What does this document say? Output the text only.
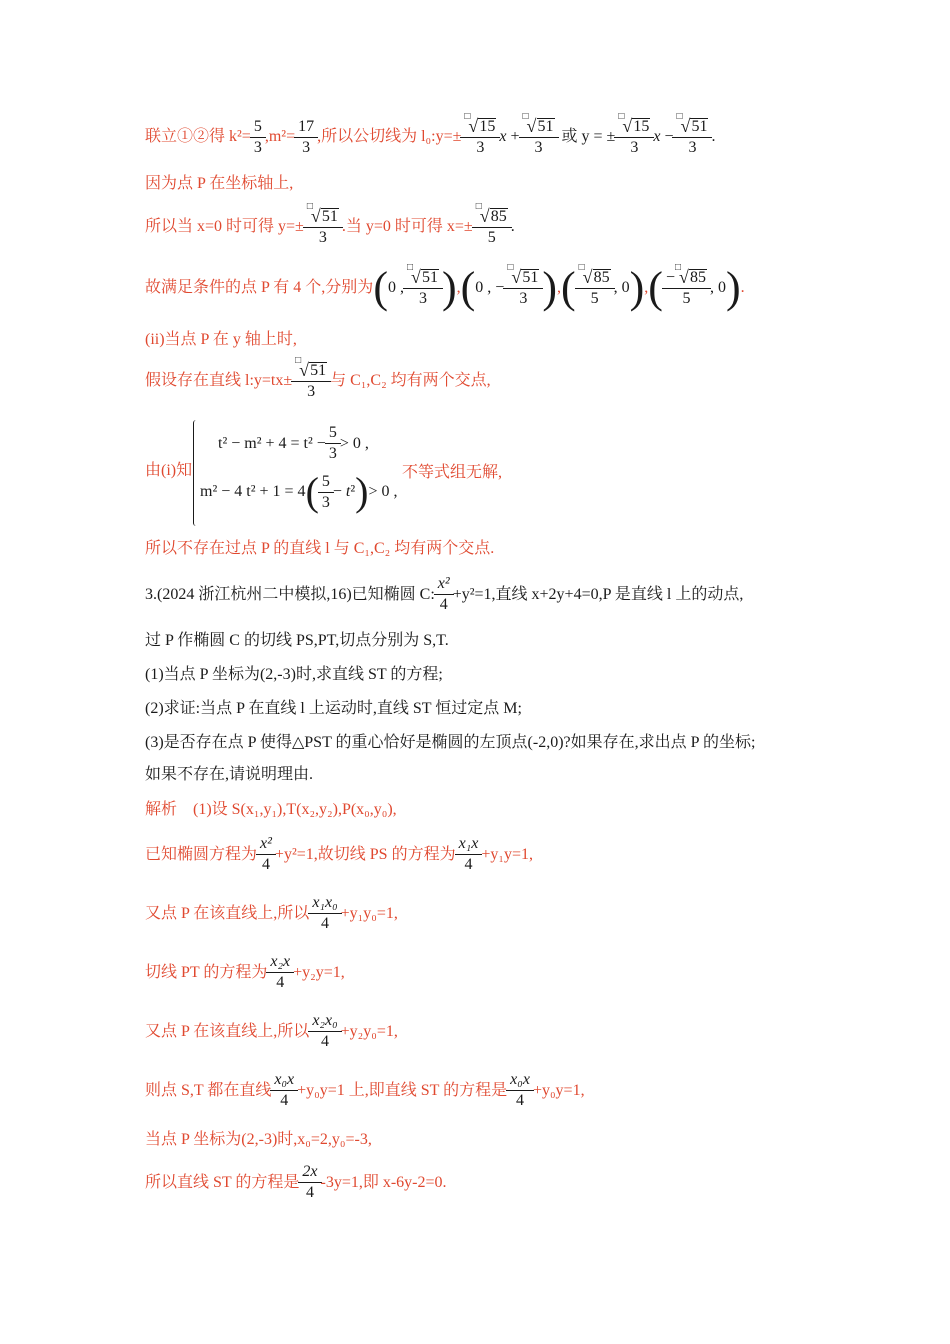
联立①②得 $k^2= \frac{5}{3} ,m^2= \frac{17}{3}$ ,所以公切线为 l₀:y=± □
√ 15
3 x + □
√ 51
3 或 y = ± □
√ 15
3 x − □
√ 51
3 .
因为点 P 在坐标轴上,
所以当 x=0 时可得 y=± □
√ 51
3 .当 y=0 时可得 x=± □
√ 85
5 .
故满足条件的点 P 有 4 个,分别为 ( 0 , □
√ 51
3 ) , ( 0 , − □
√ 51
3 ) , ( □
√ 85
5 , 0 ) , ( −
□
√ 85
5 , 0 ) .
(ii)当点 P 在 y 轴上时,
假设存在直线 l:y=tx± □
√ 51
3 与 C₁,C₂ 均有两个交点,
由(i)知
$t^2 - m^2 + 4 = t^2 - \frac{5}{3} > 0$ ,
m² − 4 t² + 1 = 4 ( $\frac{5}{3} - t^2$ ) > 0 ,
不等式组无解,
所以不存在过点 P 的直线 l 与 C₁,C₂ 均有两个交点.
3.(2024 浙江杭州二中模拟,16)已知椭圆 C: $\frac{\text{x²}}{4} +y^2=1$,直线 x+2y+4=0,P 是直线 l 上的动点,
过 P 作椭圆 C 的切线 PS,PT,切点分别为 S,T.
(1)当点 P 坐标为(2,-3)时,求直线 ST 的方程;
(2)求证:当点 P 在直线 l 上运动时,直线 ST 恒过定点 M;
(3)是否存在点 P 使得△PST 的重心恰好是椭圆的左顶点(-2,0)?如果存在,求出点 P 的坐标;
如果不存在,请说明理由.
解析　(1)设 S(x₁,y₁),T(x₂,y₂),P(x₀,y₀),
已知椭圆方程为 $\frac{\text{x²}}{4} +y^2=1$,故切线 PS 的方程为 $\frac{\text{x₁x}}{4} +y_1y=1$,
又点 P 在该直线上,所以 $\frac{\text{x₁x₀}}{4} +y_1y_0=1$,
切线 PT 的方程为 $\frac{\text{x₂x}}{4} +y_2y=1$,
又点 P 在该直线上,所以 $\frac{\text{x₂x₀}}{4} +y_2y_0=1$,
则点 S,T 都在直线 $\frac{\text{x₀x}}{4} +y_0y=1$ 上,即直线 ST 的方程是 $\frac{\text{x₀x}}{4} +y_0y=1$,
当点 P 坐标为(2,-3)时,x₀=2,y₀=-3,
所以直线 ST 的方程是 $\frac{2x}{4} -3y=1$,即 x-6y-2=0.
